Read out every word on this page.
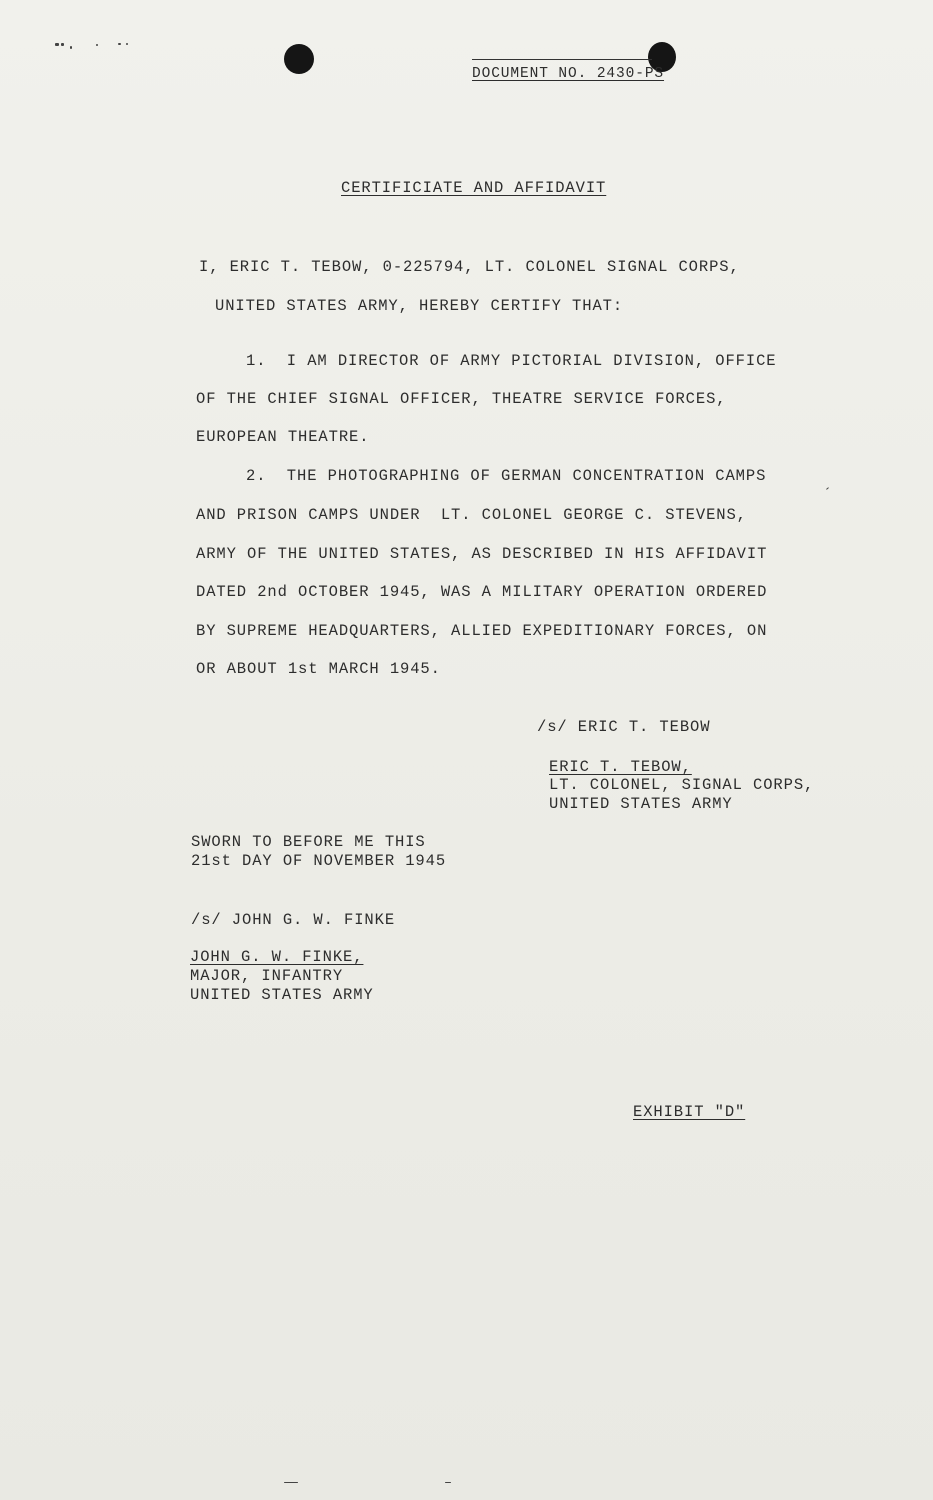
DOCUMENT NO. 2430-PS
CERTIFICIATE AND AFFIDAVIT
I, ERIC T. TEBOW, 0-225794, LT. COLONEL SIGNAL CORPS,
UNITED STATES ARMY, HEREBY CERTIFY THAT:
1.  I AM DIRECTOR OF ARMY PICTORIAL DIVISION, OFFICE
OF THE CHIEF SIGNAL OFFICER, THEATRE SERVICE FORCES,
EUROPEAN THEATRE.
2.  THE PHOTOGRAPHING OF GERMAN CONCENTRATION CAMPS
AND PRISON CAMPS UNDER  LT. COLONEL GEORGE C. STEVENS,
ARMY OF THE UNITED STATES, AS DESCRIBED IN HIS AFFIDAVIT
DATED 2nd OCTOBER 1945, WAS A MILITARY OPERATION ORDERED
BY SUPREME HEADQUARTERS, ALLIED EXPEDITIONARY FORCES, ON
OR ABOUT 1st MARCH 1945.
/s/ ERIC T. TEBOW
ERIC T. TEBOW,
LT. COLONEL, SIGNAL CORPS,
UNITED STATES ARMY
SWORN TO BEFORE ME THIS
21st DAY OF NOVEMBER 1945
/s/ JOHN G. W. FINKE
JOHN G. W. FINKE,
MAJOR, INFANTRY
UNITED STATES ARMY
EXHIBIT "D"
